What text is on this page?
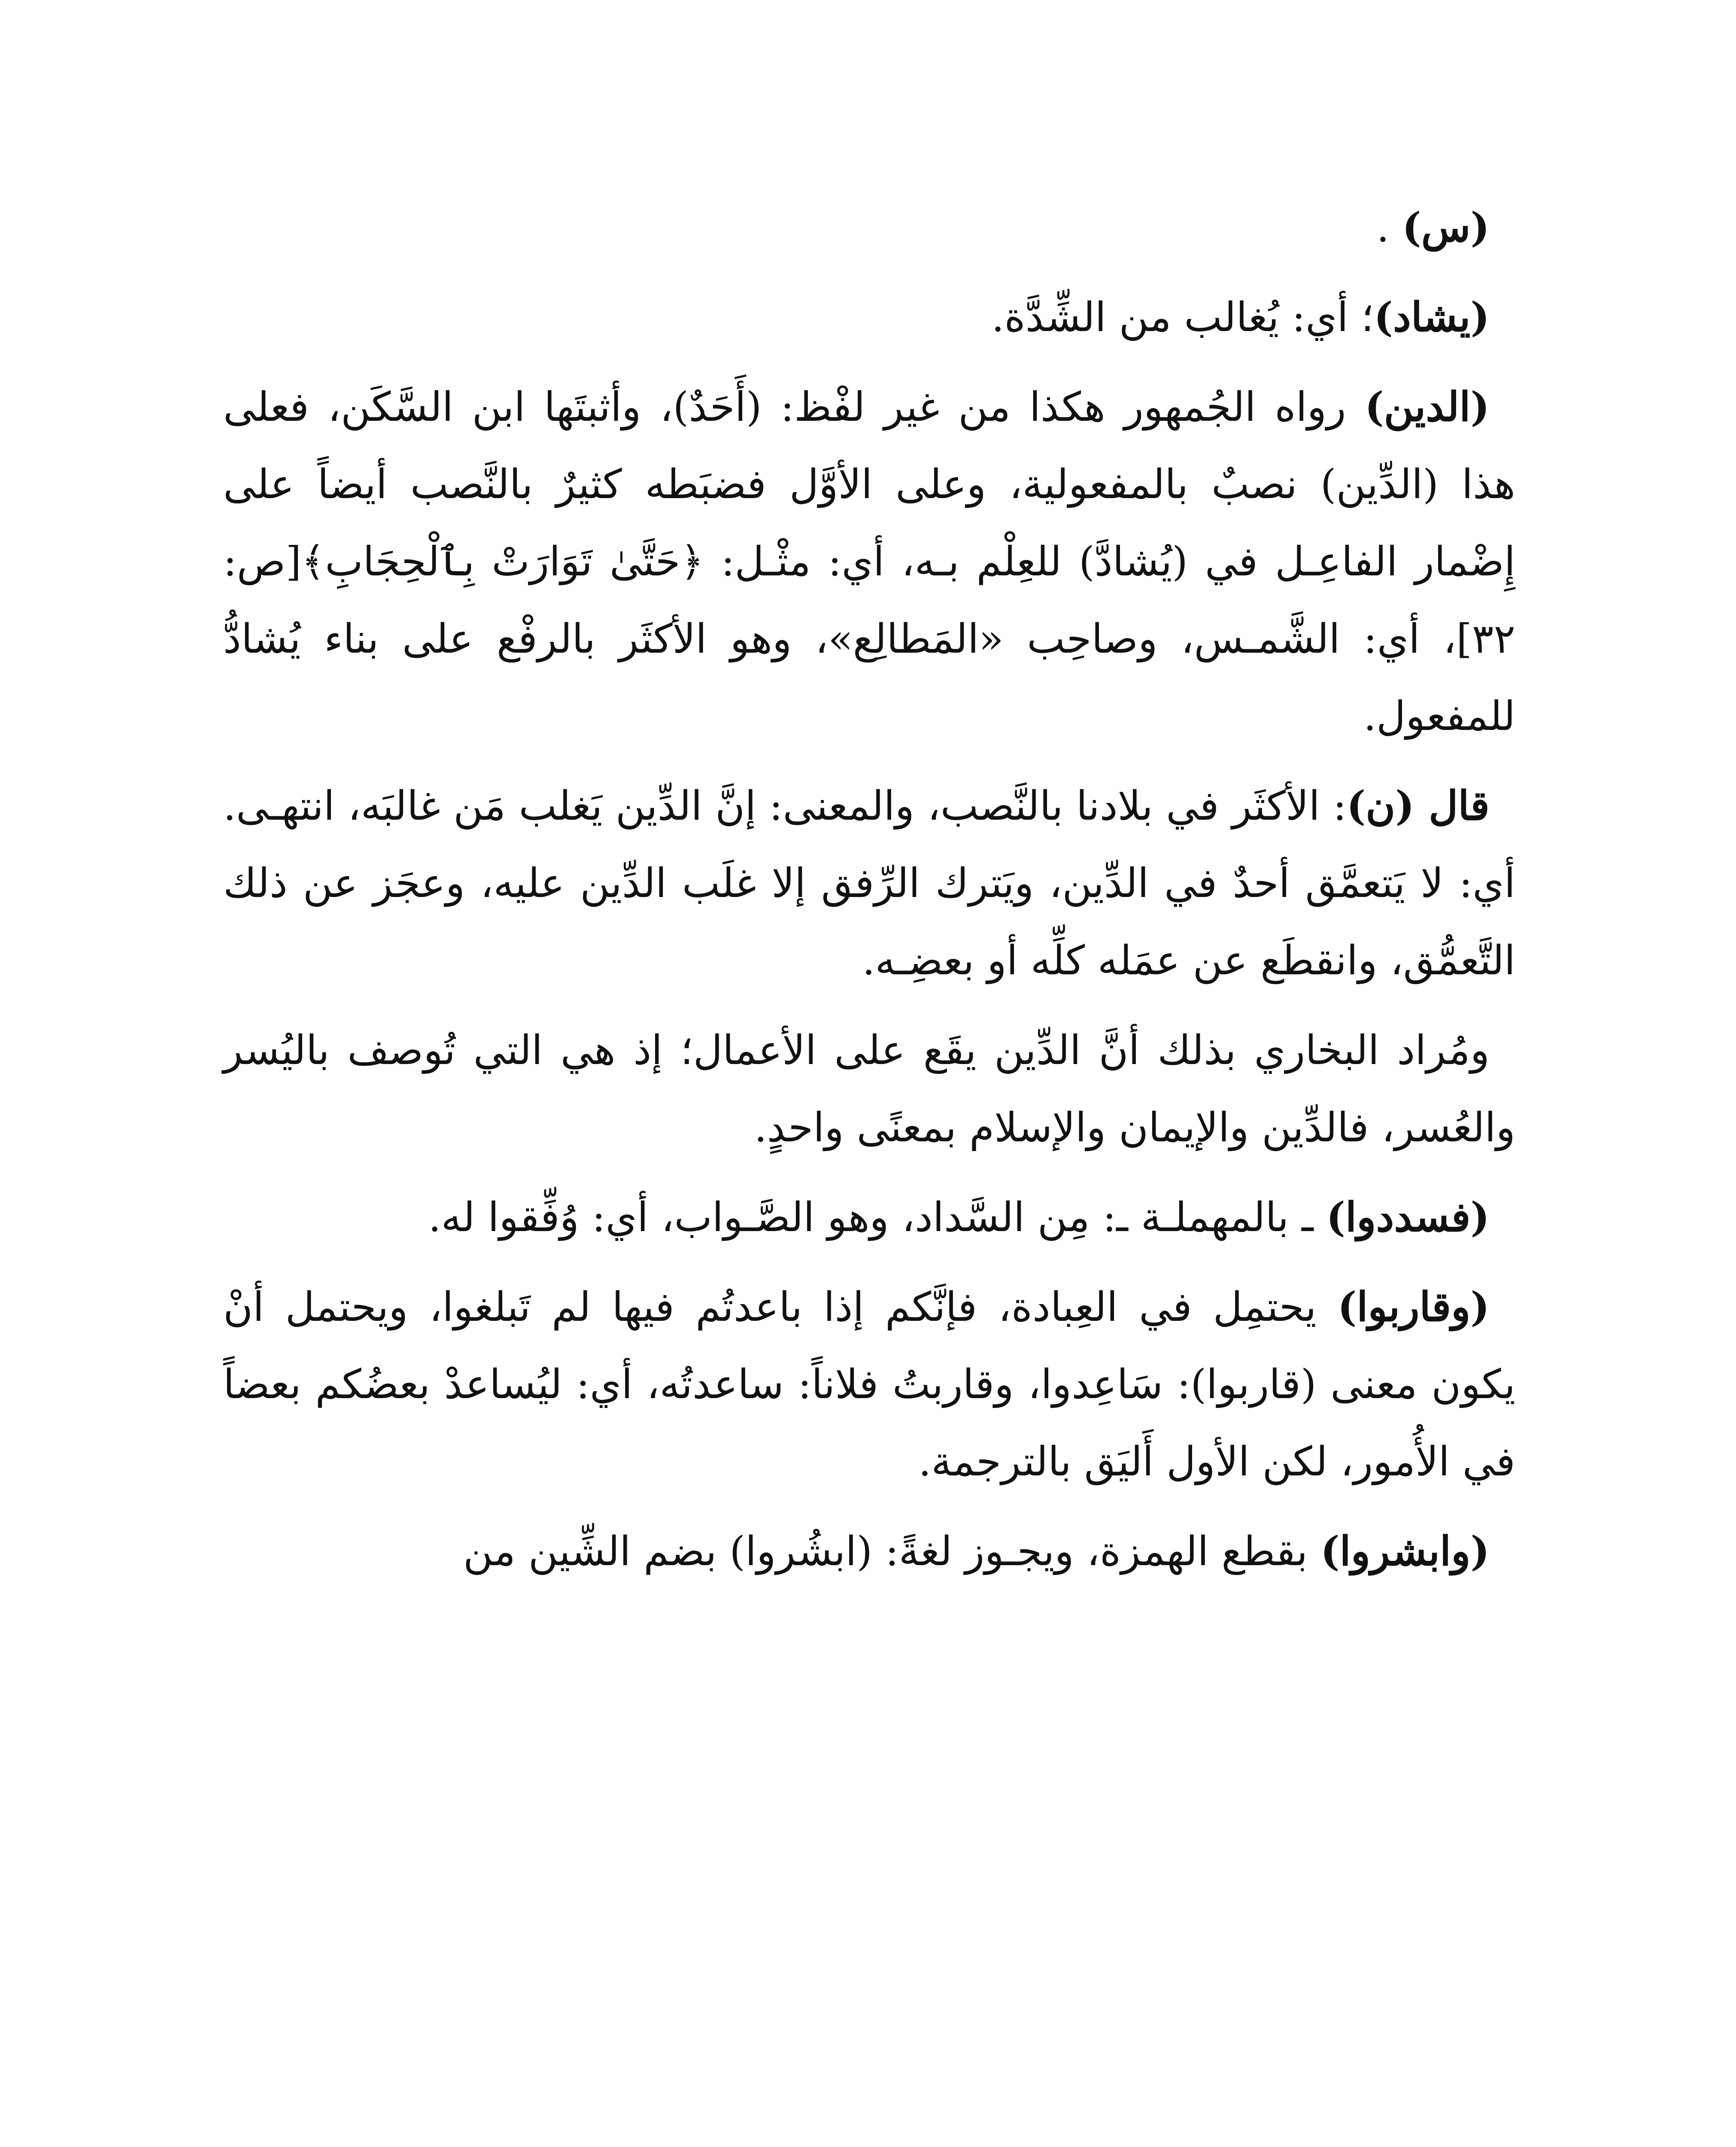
(س) .

(يشاد)؛ أي: يُغالب من الشِّدَّة.

(الدين) رواه الجُمهور هكذا من غير لفْظ: (أَحَدٌ)، وأثبتَها ابن السَّكَن، فعلى هذا (الدِّين) نصبٌ بالمفعولية، وعلى الأوَّل فضبَطه كثيرٌ بالنَّصب أيضاً على إِضْمار الفاعِـل في (يُشادَّ) للعِلْم بـه، أي: مثْـل: ﴿حَتَّىٰ تَوَارَتْ بِٱلْحِجَابِ﴾[ص: ٣٢]، أي: الشَّمـس، وصاحِب «المَطالِع»، وهو الأكثَر بالرفْع على بناء يُشادُّ للمفعول.

قال (ن): الأكثَر في بلادنا بالنَّصب، والمعنى: إنَّ الدِّين يَغلب مَن غالبَه، انتهـى. أي: لا يَتعمَّق أحدٌ في الدِّين، ويَترك الرِّفق إلا غلَب الدِّين عليه، وعجَز عن ذلك التَّعمُّق، وانقطَع عن عمَله كلِّه أو بعضِـه.

ومُراد البخاري بذلك أنَّ الدِّين يقَع على الأعمال؛ إذ هي التي تُوصف باليُسر والعُسر، فالدِّين والإيمان والإسلام بمعنًى واحدٍ.

(فسددوا) ـ بالمهملـة ـ: مِن السَّداد، وهو الصَّـواب، أي: وُفِّقوا له.

(وقاربوا) يحتمِل في العِبادة، فإنَّكم إذا باعدتُم فيها لم تَبلغوا، ويحتمل أنْ يكون معنى (قاربوا): سَاعِدوا، وقاربتُ فلاناً: ساعدتُه، أي: ليُساعدْ بعضُكم بعضاً في الأُمور، لكن الأول أَليَق بالترجمة.

(وابشروا) بقطع الهمزة، ويجـوز لغةً: (ابشُروا) بضم الشِّين من
